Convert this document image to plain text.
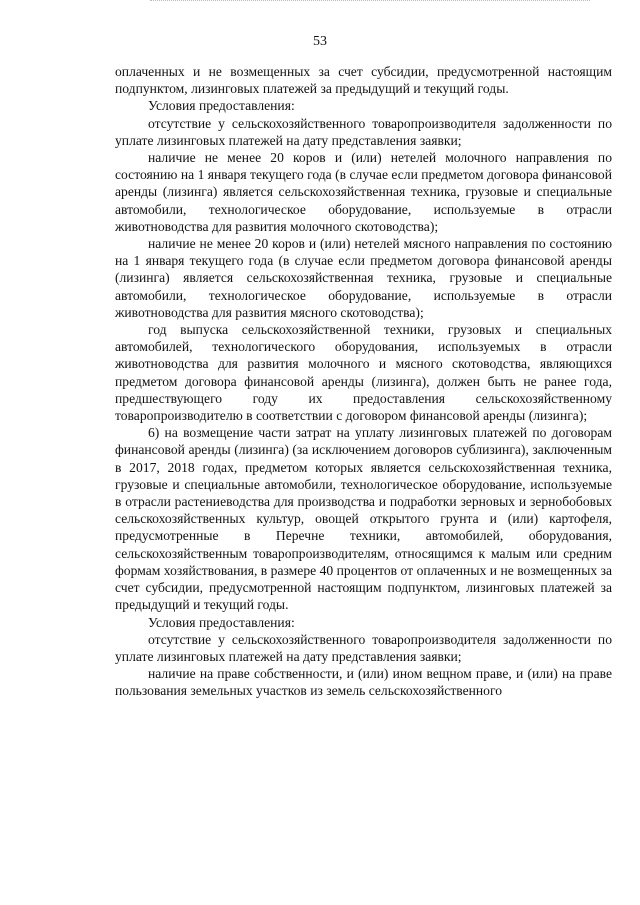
53

оплаченных и не возмещенных за счет субсидии, предусмотренной настоящим подпунктом, лизинговых платежей за предыдущий и текущий годы.

Условия предоставления:

отсутствие у сельскохозяйственного товаропроизводителя задолженности по уплате лизинговых платежей на дату представления заявки;

наличие не менее 20 коров и (или) нетелей молочного направления по состоянию на 1 января текущего года (в случае если предметом договора финансовой аренды (лизинга) является сельскохозяйственная техника, грузовые и специальные автомобили, технологическое оборудование, используемые в отрасли животноводства для развития молочного скотоводства);

наличие не менее 20 коров и (или) нетелей мясного направления по состоянию на 1 января текущего года (в случае если предметом договора финансовой аренды (лизинга) является сельскохозяйственная техника, грузовые и специальные автомобили, технологическое оборудование, используемые в отрасли животноводства для развития мясного скотоводства);

год выпуска сельскохозяйственной техники, грузовых и специальных автомобилей, технологического оборудования, используемых в отрасли животноводства для развития молочного и мясного скотоводства, являющихся предметом договора финансовой аренды (лизинга), должен быть не ранее года, предшествующего году их предоставления сельскохозяйственному товаропроизводителю в соответствии с договором финансовой аренды (лизинга);

6) на возмещение части затрат на уплату лизинговых платежей по договорам финансовой аренды (лизинга) (за исключением договоров сублизинга), заключенным в 2017, 2018 годах, предметом которых является сельскохозяйственная техника, грузовые и специальные автомобили, технологическое оборудование, используемые в отрасли растениеводства для производства и подработки зерновых и зернобобовых сельскохозяйственных культур, овощей открытого грунта и (или) картофеля, предусмотренные в Перечне техники, автомобилей, оборудования, сельскохозяйственным товаропроизводителям, относящимся к малым или средним формам хозяйствования, в размере 40 процентов от оплаченных и не возмещенных за счет субсидии, предусмотренной настоящим подпунктом, лизинговых платежей за предыдущий и текущий годы.

Условия предоставления:

отсутствие у сельскохозяйственного товаропроизводителя задолженности по уплате лизинговых платежей на дату представления заявки;

наличие на праве собственности, и (или) ином вещном праве, и (или) на праве пользования земельных участков из земель сельскохозяйственного
